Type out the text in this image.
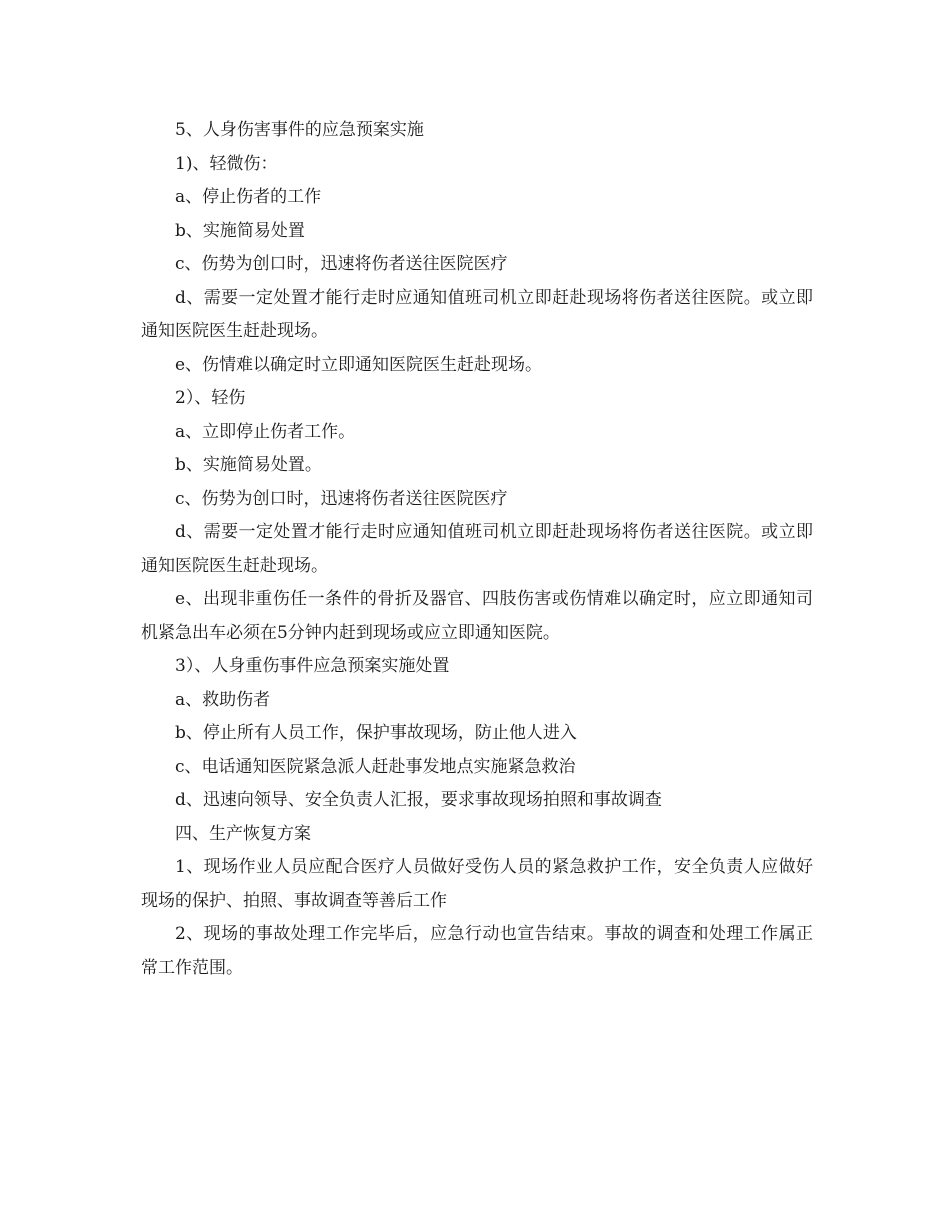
5、人身伤害事件的应急预案实施

1)、轻微伤：

a、停止伤者的工作

b、实施简易处置

c、伤势为创口时，迅速将伤者送往医院医疗

d、需要一定处置才能行走时应通知值班司机立即赶赴现场将伤者送往医院。或立即通知医院医生赶赴现场。

e、伤情难以确定时立即通知医院医生赶赴现场。

2）、轻伤

a、立即停止伤者工作。

b、实施简易处置。

c、伤势为创口时，迅速将伤者送往医院医疗

d、需要一定处置才能行走时应通知值班司机立即赶赴现场将伤者送往医院。或立即通知医院医生赶赴现场。

e、出现非重伤任一条件的骨折及器官、四肢伤害或伤情难以确定时，应立即通知司机紧急出车必须在5分钟内赶到现场或应立即通知医院。

3）、人身重伤事件应急预案实施处置

a、救助伤者

b、停止所有人员工作，保护事故现场，防止他人进入

c、电话通知医院紧急派人赶赴事发地点实施紧急救治

d、迅速向领导、安全负责人汇报，要求事故现场拍照和事故调查

四、生产恢复方案

1、现场作业人员应配合医疗人员做好受伤人员的紧急救护工作，安全负责人应做好现场的保护、拍照、事故调查等善后工作

2、现场的事故处理工作完毕后，应急行动也宣告结束。事故的调查和处理工作属正常工作范围。
